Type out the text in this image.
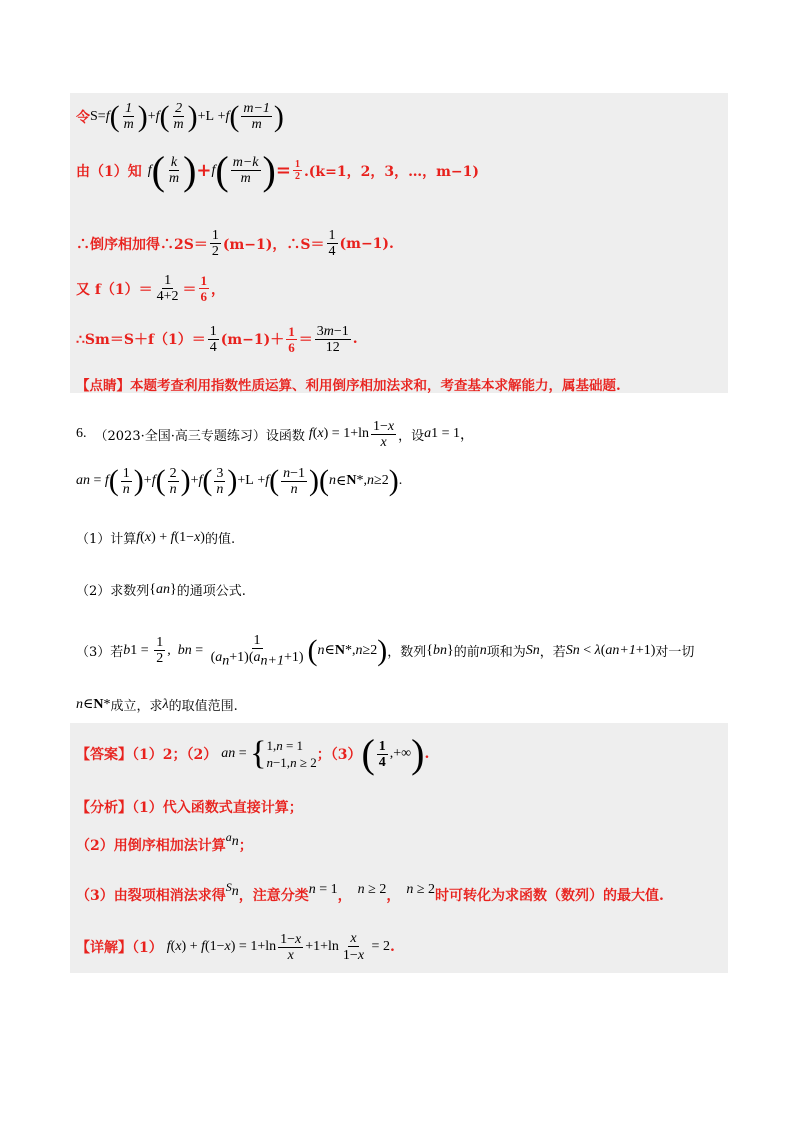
令 S= f ( $\frac{1}{m}$ ) + f ( $\frac{2}{m}$ ) +L + f ( $\frac{m-1}{m}$ )
由（1）知 f ( $\frac{k}{m}$ ) + f ( $\frac{m-k}{m}$ ) = $\frac{1}{2} .(k=1$，2，3，…，m−1)
∴倒序相加得∴2S＝ $\frac{1}{2} (m-1)$，∴S＝ $\frac{1}{4} (m-1)$.
又 $f(1)= \frac{1}{4+2} = \frac{1}{6}$ ，
∴Sm＝S＋f（1）＝ $\frac{1}{4} (m-1)+ \frac{1}{6} = \frac{3m-1}{12}$ .
【点睛】本题考查利用指数性质运算、利用倒序相加法求和，考查基本求解能力，属基础题.
6. （2023·全国·高三专题练习）设函数 f ( x ) = $1+\ln \frac{1-x}{x}$ ，设 a 1 = 1 ，
a n = f ( $\frac{1}{n}$ ) + f ( $\frac{2}{n}$ ) + f ( $\frac{3}{n}$ ) +L + f ( $\frac{n-1}{n}$ ) ( n ∈ N * , n ≥2 ) .
（1）计算 f ( x ) + f (1− x ) 的值.
（2）求数列 { a n } 的通项公式.
（3）若 b $1 = \frac{1}{2}$ , b $n = \frac{1}{(a_n+1)(a_{n+1}+1)}$ ( n ∈ N * , n ≥2 ) ，数列 { b n } 的前 n 项和为 S n ，若 S n < λ ( a n+1 +1) 对一切
n ∈ N * 成立，求 λ 的取值范围.
【答案】（1）2；（2） a n = { 1,n = 1
n−1,n ≥ 2 ；（3） ( $\frac{1}{4}$ ,+∞ ) .
【分析】（1）代入函数式直接计算；
（2）用倒序相加法计算
$a_n$ ；
（3）由裂项相消法求得
$S_n$ ，注意分类 n = 1 ， n ≥ 2 ， n ≥ 2 时可转化为求函数（数列）的最大值.
【详解】（1） f ( x ) + f (1− x ) = $1+\ln \frac{1-x}{x} +1+\ln \frac{x}{1-x} = 2$ .
